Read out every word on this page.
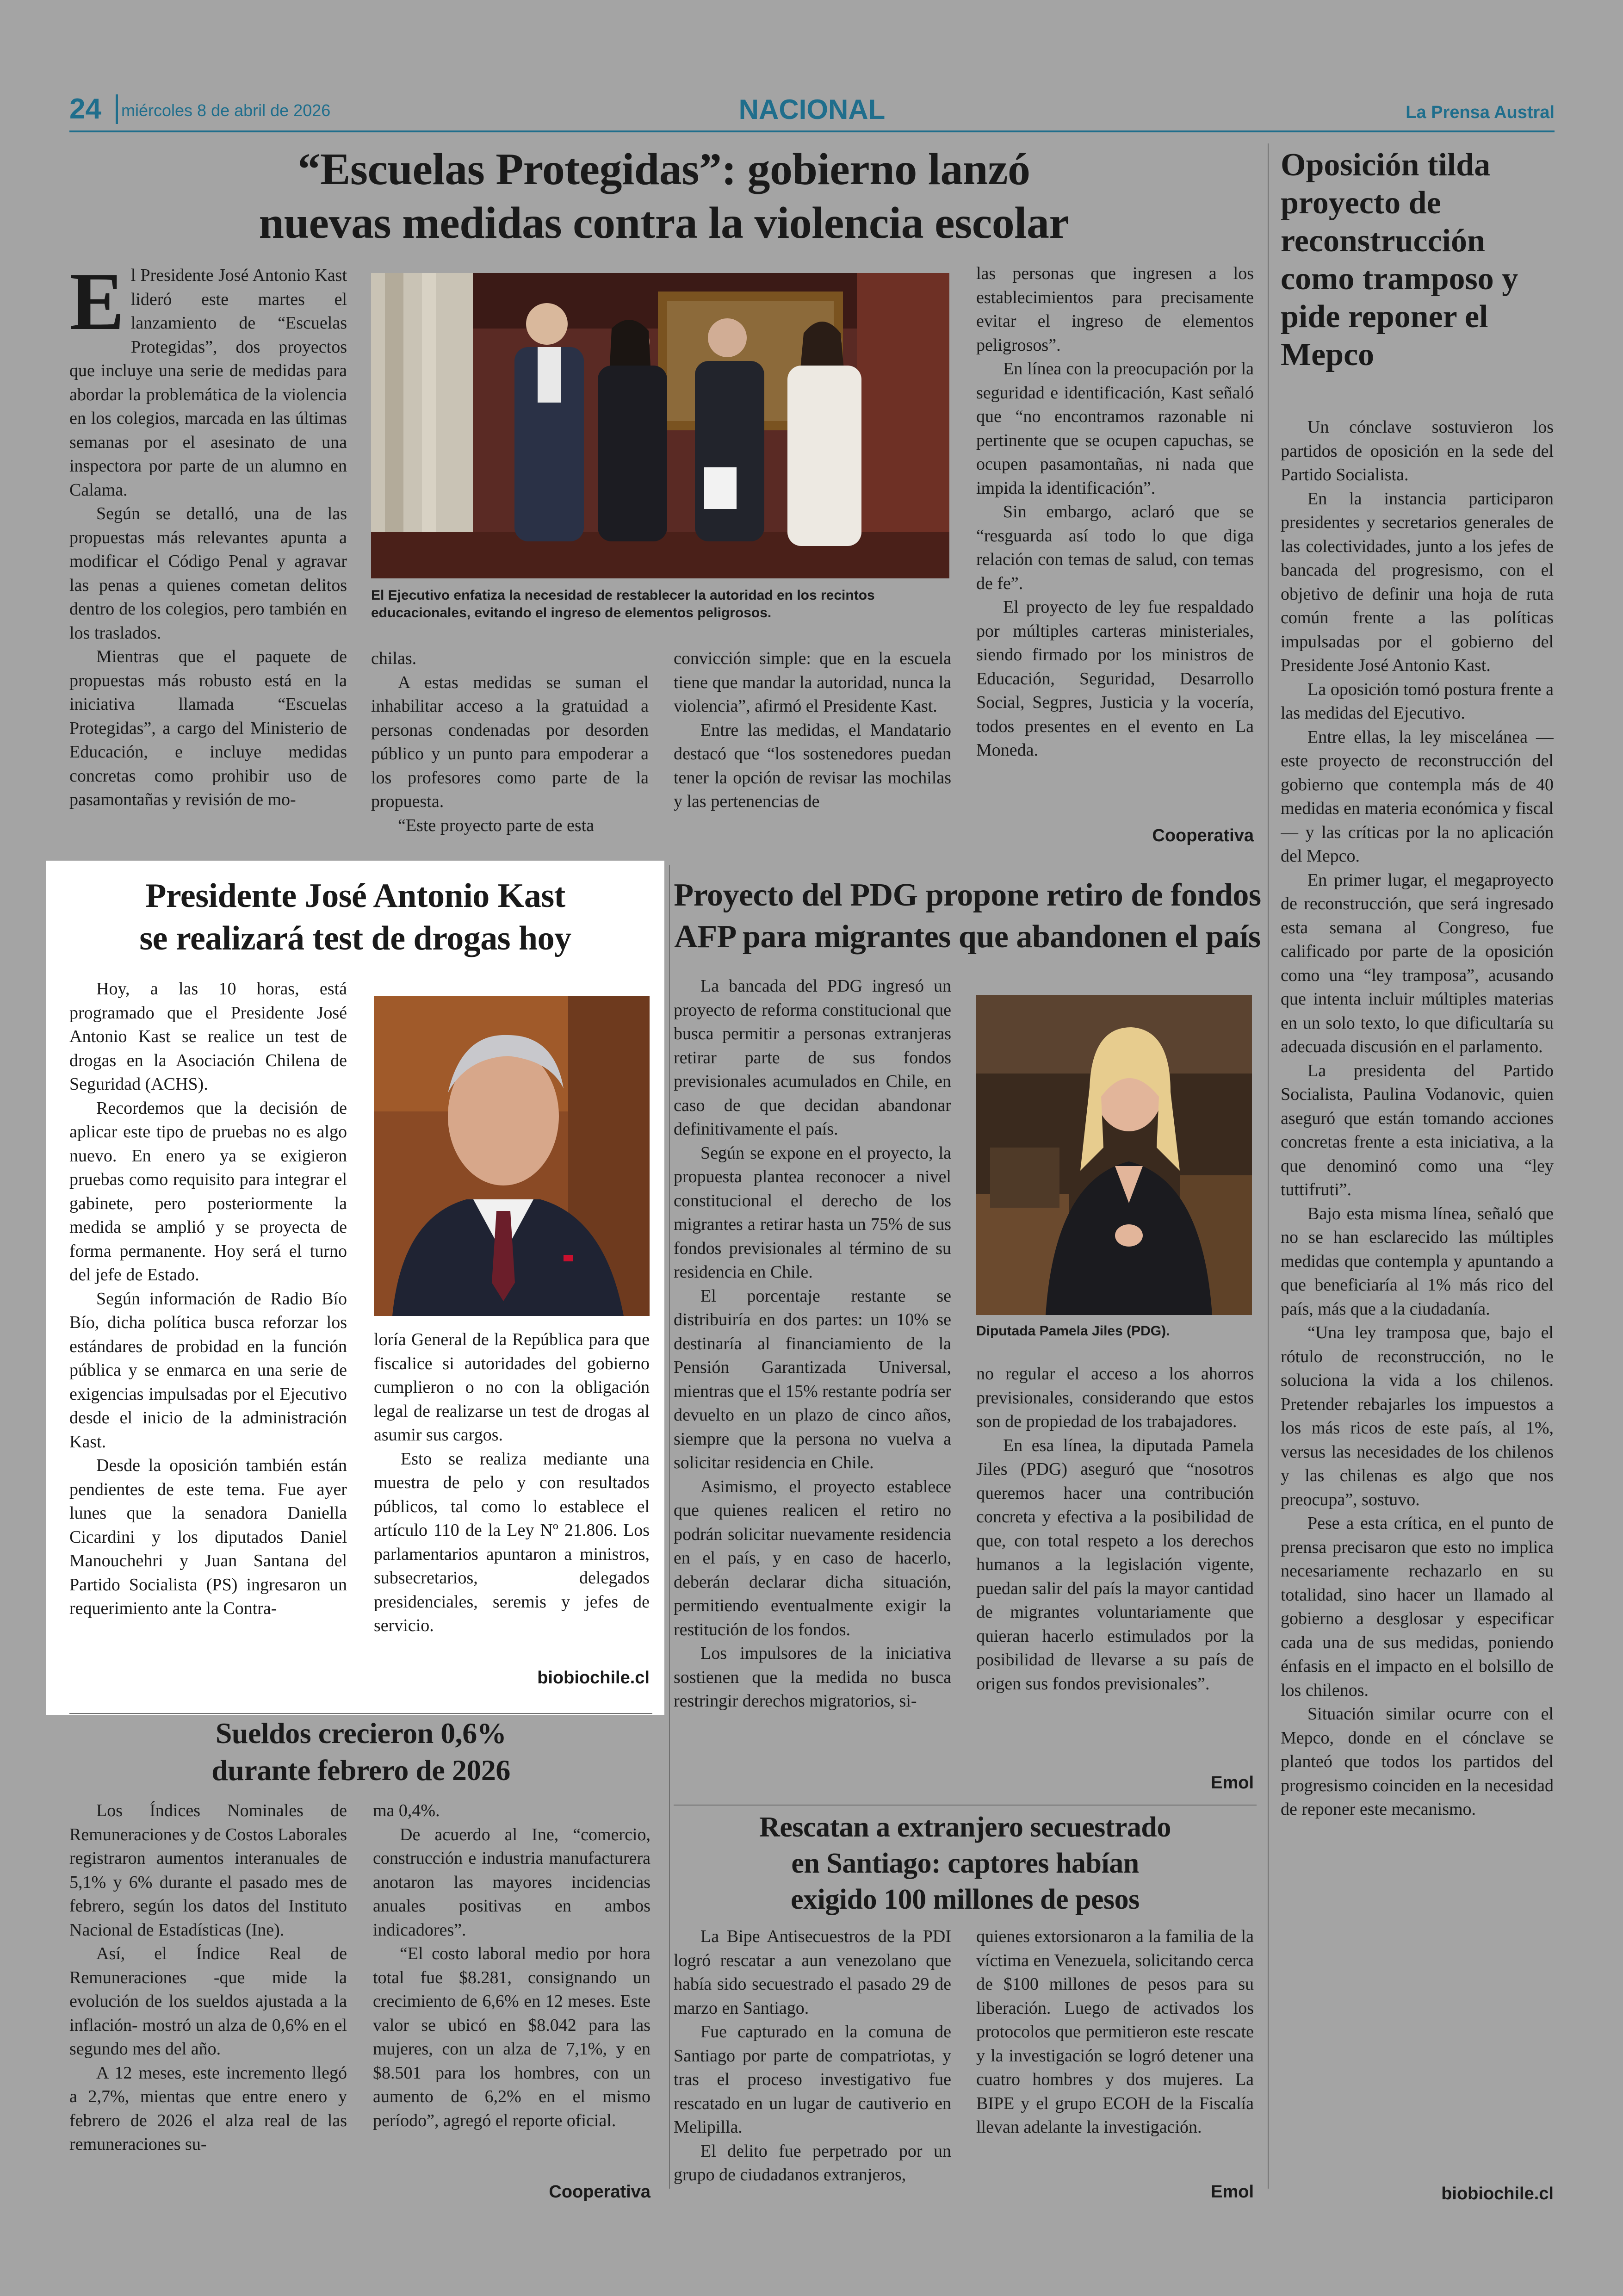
24 miércoles 8 de abril de 2026	NACIONAL	La Prensa Austral
“Escuelas Protegidas”: gobierno lanzó
nuevas medidas contra la violencia escolar

El Presidente José Antonio Kast lideró este martes el lanzamiento de “Escuelas Protegidas”, dos proyectos que incluye una serie de medidas para abordar la problemática de la violencia en los colegios, marcada en las últimas semanas por el asesinato de una inspectora por parte de un alumno en Calama.

Según se detalló, una de las propuestas más relevantes apunta a modificar el Código Penal y agravar las penas a quienes cometan delitos dentro de los colegios, pero también en los traslados.

Mientras que el paquete de propuestas más robusto está en la iniciativa llamada “Escuelas Protegidas”, a cargo del Ministerio de Educación, e incluye medidas concretas como prohibir uso de pasamontañas y revisión de mo-

El Ejecutivo enfatiza la necesidad de restablecer la autoridad en los recintos educacionales, evitando el ingreso de elementos peligrosos.

chilas.

A estas medidas se suman el inhabilitar acceso a la gratuidad a personas condenadas por desorden público y un punto para empoderar a los profesores como parte de la propuesta.

“Este proyecto parte de esta

convicción simple: que en la escuela tiene que mandar la autoridad, nunca la violencia”, afirmó el Presidente Kast.

Entre las medidas, el Mandatario destacó que “los sostenedores puedan tener la opción de revisar las mochilas y las pertenencias de

las personas que ingresen a los establecimientos para precisamente evitar el ingreso de elementos peligrosos”.

En línea con la preocupación por la seguridad e identificación, Kast señaló que “no encontramos razonable ni pertinente que se ocupen capuchas, se ocupen pasamontañas, ni nada que impida la identificación”.

Sin embargo, aclaró que se “resguarda así todo lo que diga relación con temas de salud, con temas de fe”.

El proyecto de ley fue respaldado por múltiples carteras ministeriales, siendo firmado por los ministros de Educación, Seguridad, Desarrollo Social, Segpres, Justicia y la vocería, todos presentes en el evento en La Moneda.

Cooperativa
Oposición tilda proyecto de reconstrucción como tramposo y pide reponer el Mepco

Un cónclave sostuvieron los partidos de oposición en la sede del Partido Socialista.

En la instancia participaron presidentes y secretarios generales de las colectividades, junto a los jefes de bancada del progresismo, con el objetivo de definir una hoja de ruta común frente a las políticas impulsadas por el gobierno del Presidente José Antonio Kast.

La oposición tomó postura frente a las medidas del Ejecutivo.

Entre ellas, la ley miscelánea —este proyecto de reconstrucción del gobierno que contempla más de 40 medidas en materia económica y fiscal— y las críticas por la no aplicación del Mepco.

En primer lugar, el megaproyecto de reconstrucción, que será ingresado esta semana al Congreso, fue calificado por parte de la oposición como una “ley tramposa”, acusando que intenta incluir múltiples materias en un solo texto, lo que dificultaría su adecuada discusión en el parlamento.

La presidenta del Partido Socialista, Paulina Vodanovic, quien aseguró que están tomando acciones concretas frente a esta iniciativa, a la que denominó como una “ley tuttifruti”.

Bajo esta misma línea, señaló que no se han esclarecido las múltiples medidas que contempla y apuntando a que beneficiaría al 1% más rico del país, más que a la ciudadanía.

“Una ley tramposa que, bajo el rótulo de reconstrucción, no le soluciona la vida a los chilenos. Pretender rebajarles los impuestos a los más ricos de este país, al 1%, versus las necesidades de los chilenos y las chilenas es algo que nos preocupa”, sostuvo.

Pese a esta crítica, en el punto de prensa precisaron que esto no implica necesariamente rechazarlo en su totalidad, sino hacer un llamado al gobierno a desglosar y especificar cada una de sus medidas, poniendo énfasis en el impacto en el bolsillo de los chilenos.

Situación similar ocurre con el Mepco, donde en el cónclave se planteó que todos los partidos del progresismo coinciden en la necesidad de reponer este mecanismo.

biobiochile.cl
Presidente José Antonio Kast
se realizará test de drogas hoy

Hoy, a las 10 horas, está programado que el Presidente José Antonio Kast se realice un test de drogas en la Asociación Chilena de Seguridad (ACHS).

Recordemos que la decisión de aplicar este tipo de pruebas no es algo nuevo. En enero ya se exigieron pruebas como requisito para integrar el gabinete, pero posteriormente la medida se amplió y se proyecta de forma permanente. Hoy será el turno del jefe de Estado.

Según información de Radio Bío Bío, dicha política busca reforzar los estándares de probidad en la función pública y se enmarca en una serie de exigencias impulsadas por el Ejecutivo desde el inicio de la administración Kast.

Desde la oposición también están pendientes de este tema. Fue ayer lunes que la senadora Daniella Cicardini y los diputados Daniel Manouchehri y Juan Santana del Partido Socialista (PS) ingresaron un requerimiento ante la Contra-

loría General de la República para que fiscalice si autoridades del gobierno cumplieron o no con la obligación legal de realizarse un test de drogas al asumir sus cargos.

Esto se realiza mediante una muestra de pelo y con resultados públicos, tal como lo establece el artículo 110 de la Ley Nº 21.806. Los parlamentarios apuntaron a ministros, subsecretarios, delegados presidenciales, seremis y jefes de servicio.

biobiochile.cl
Proyecto del PDG propone retiro de fondos
AFP para migrantes que abandonen el país

La bancada del PDG ingresó un proyecto de reforma constitucional que busca permitir a personas extranjeras retirar parte de sus fondos previsionales acumulados en Chile, en caso de que decidan abandonar definitivamente el país.

Según se expone en el proyecto, la propuesta plantea reconocer a nivel constitucional el derecho de los migrantes a retirar hasta un 75% de sus fondos previsionales al término de su residencia en Chile.

El porcentaje restante se distribuiría en dos partes: un 10% se destinaría al financiamiento de la Pensión Garantizada Universal, mientras que el 15% restante podría ser devuelto en un plazo de cinco años, siempre que la persona no vuelva a solicitar residencia en Chile.

Asimismo, el proyecto establece que quienes realicen el retiro no podrán solicitar nuevamente residencia en el país, y en caso de hacerlo, deberán declarar dicha situación, permitiendo eventualmente exigir la restitución de los fondos.

Los impulsores de la iniciativa sostienen que la medida no busca restringir derechos migratorios, si-

Diputada Pamela Jiles (PDG).

no regular el acceso a los ahorros previsionales, considerando que estos son de propiedad de los trabajadores.

En esa línea, la diputada Pamela Jiles (PDG) aseguró que “nosotros queremos hacer una contribución concreta y efectiva a la posibilidad de que, con total respeto a los derechos humanos a la legislación vigente, puedan salir del país la mayor cantidad de migrantes voluntariamente que quieran hacerlo estimulados por la posibilidad de llevarse a su país de origen sus fondos previsionales”.

Emol
Sueldos crecieron 0,6%
durante febrero de 2026

Los Índices Nominales de Remuneraciones y de Costos Laborales registraron aumentos interanuales de 5,1% y 6% durante el pasado mes de febrero, según los datos del Instituto Nacional de Estadísticas (Ine).

Así, el Índice Real de Remuneraciones -que mide la evolución de los sueldos ajustada a la inflación- mostró un alza de 0,6% en el segundo mes del año.

A 12 meses, este incremento llegó a 2,7%, mientas que entre enero y febrero de 2026 el alza real de las remuneraciones su-

ma 0,4%.

De acuerdo al Ine, “comercio, construcción e industria manufacturera anotaron las mayores incidencias anuales positivas en ambos indicadores”.

“El costo laboral medio por hora total fue $8.281, consignando un crecimiento de 6,6% en 12 meses. Este valor se ubicó en $8.042 para las mujeres, con un alza de 7,1%, y en $8.501 para los hombres, con un aumento de 6,2% en el mismo período”, agregó el reporte oficial.

Cooperativa
Rescatan a extranjero secuestrado
en Santiago: captores habían
exigido 100 millones de pesos

La Bipe Antisecuestros de la PDI logró rescatar a aun venezolano que había sido secuestrado el pasado 29 de marzo en Santiago.

Fue capturado en la comuna de Santiago por parte de compatriotas, y tras el proceso investigativo fue rescatado en un lugar de cautiverio en Melipilla.

El delito fue perpetrado por un grupo de ciudadanos extranjeros,

quienes extorsionaron a la familia de la víctima en Venezuela, solicitando cerca de $100 millones de pesos para su liberación. Luego de activados los protocolos que permitieron este rescate y la investigación se logró detener una cuatro hombres y dos mujeres. La BIPE y el grupo ECOH de la Fiscalía llevan adelante la investigación.

Emol
